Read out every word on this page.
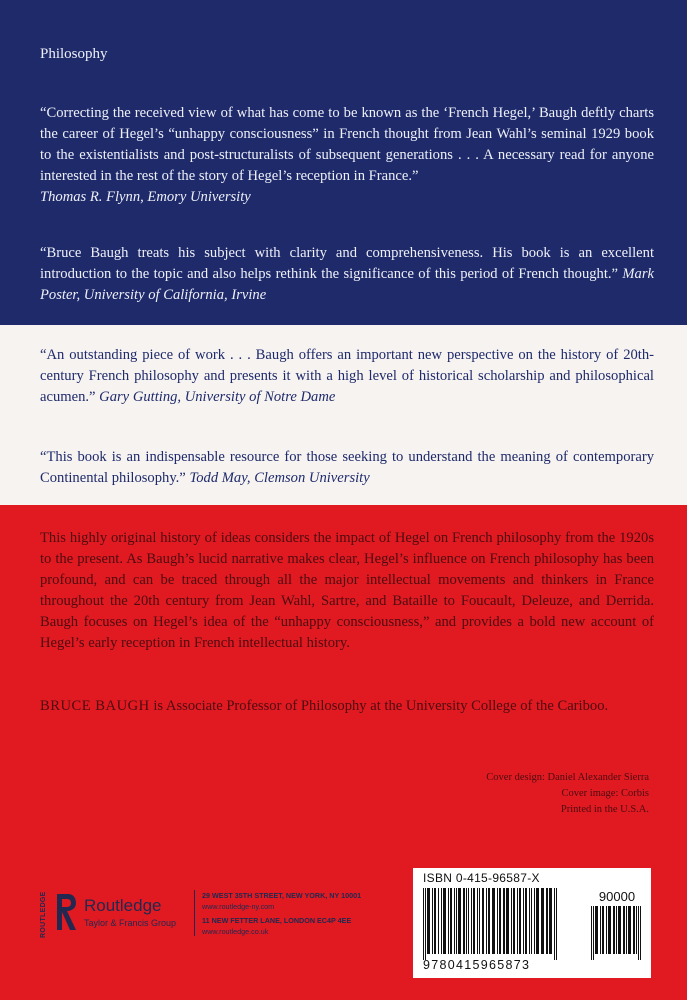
Philosophy

“Correcting the received view of what has come to be known as the ‘French Hegel,’ Baugh deftly charts the career of Hegel’s “unhappy consciousness” in French thought from Jean Wahl’s seminal 1929 book to the existentialists and post-structuralists of subsequent generations . . . A necessary read for anyone interested in the rest of the story of Hegel’s reception in France.”
Thomas R. Flynn, Emory University

“Bruce Baugh treats his subject with clarity and comprehensiveness. His book is an excellent introduction to the topic and also helps rethink the significance of this period of French thought.” Mark Poster, University of California, Irvine

“An outstanding piece of work . . . Baugh offers an important new perspective on the history of 20th-century French philosophy and presents it with a high level of historical scholarship and philosophical acumen.” Gary Gutting, University of Notre Dame

“This book is an indispensable resource for those seeking to understand the meaning of contemporary Continental philosophy.” Todd May, Clemson University

This highly original history of ideas considers the impact of Hegel on French philosophy from the 1920s to the present. As Baugh’s lucid narrative makes clear, Hegel’s influence on French philosophy has been profound, and can be traced through all the major intellectual movements and thinkers in France throughout the 20th century from Jean Wahl, Sartre, and Bataille to Foucault, Deleuze, and Derrida. Baugh focuses on Hegel’s idea of the “unhappy consciousness,” and provides a bold new account of Hegel’s early reception in French intellectual history.

BRUCE BAUGH is Associate Professor of Philosophy at the University College of the Cariboo.

Cover design: Daniel Alexander Sierra
Cover image: Corbis
Printed in the U.S.A.
ROUTLEDGE Routledge
Taylor & Francis Group
29 WEST 35TH STREET, NEW YORK, NY 10001
www.routledge-ny.com
11 NEW FETTER LANE, LONDON EC4P 4EE
www.routledge.co.uk
ISBN 0-415-96587-X
90000
9780415965873
